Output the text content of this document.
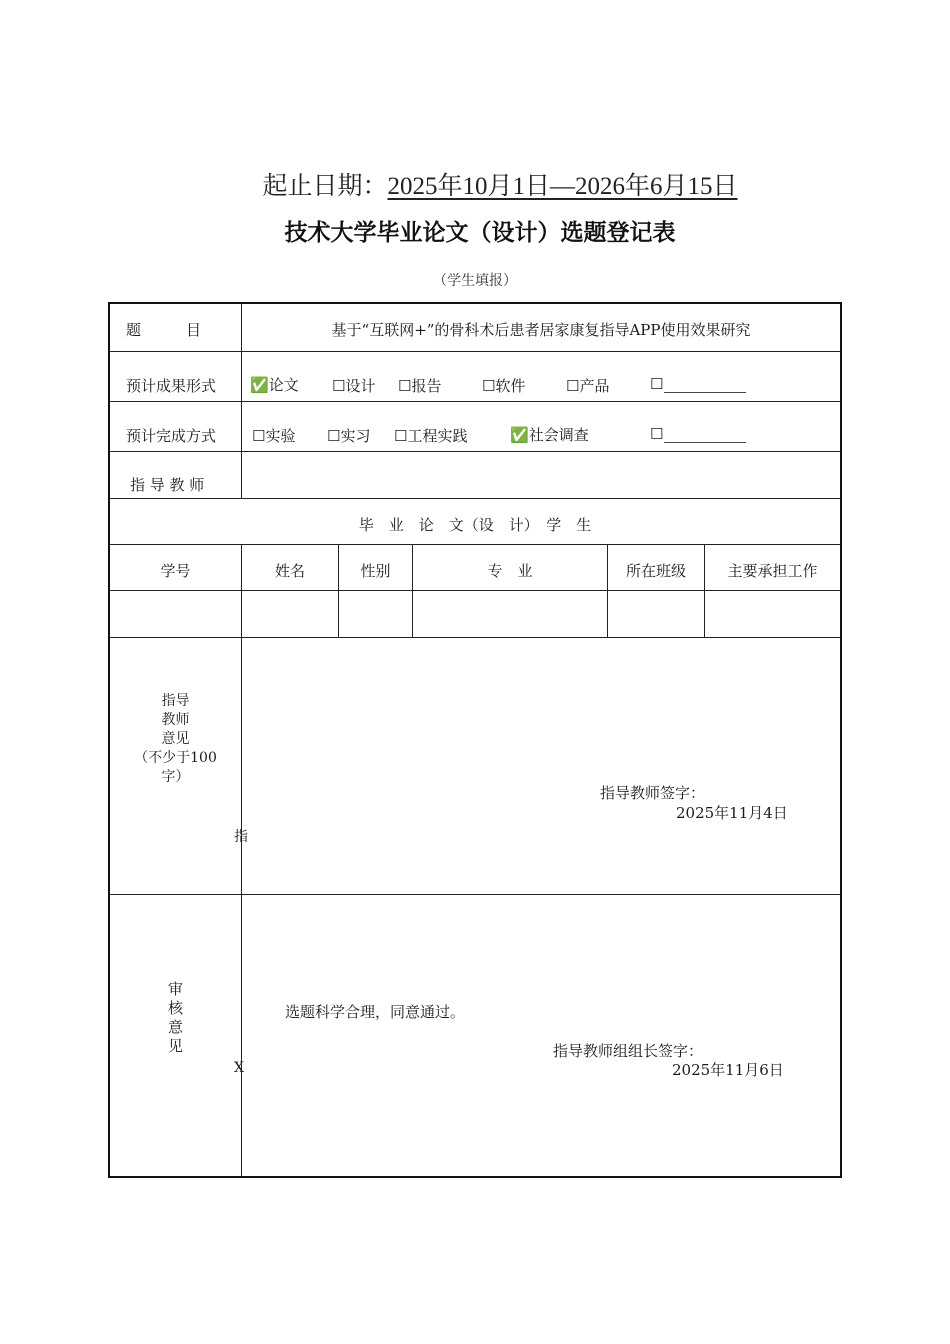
起止日期：2025年10月1日—2026年6月15日
技术大学毕业论文（设计）选题登记表
（学生填报）
题　　　目	基于“互联网+”的骨科术后患者居家康复指导APP使用效果研究
预计成果形式 ✅论文 ☐设计 ☐报告	☐软件	☐产品	☐
预计完成方式 ☐实验 ☐实习 ☐工程实践	✅社会调查	☐
指 导 教 师
毕　业　论　文（设　计）　学　生
学号	姓名	性别	专　业	所在班级	主要承担工作
指导
教师
意见
（不少于100
字）
指
指导教师签字：
2025年11月4日
审
核
意
见
X
选题科学合理，同意通过。
指导教师组组长签字：
2025年11月6日
